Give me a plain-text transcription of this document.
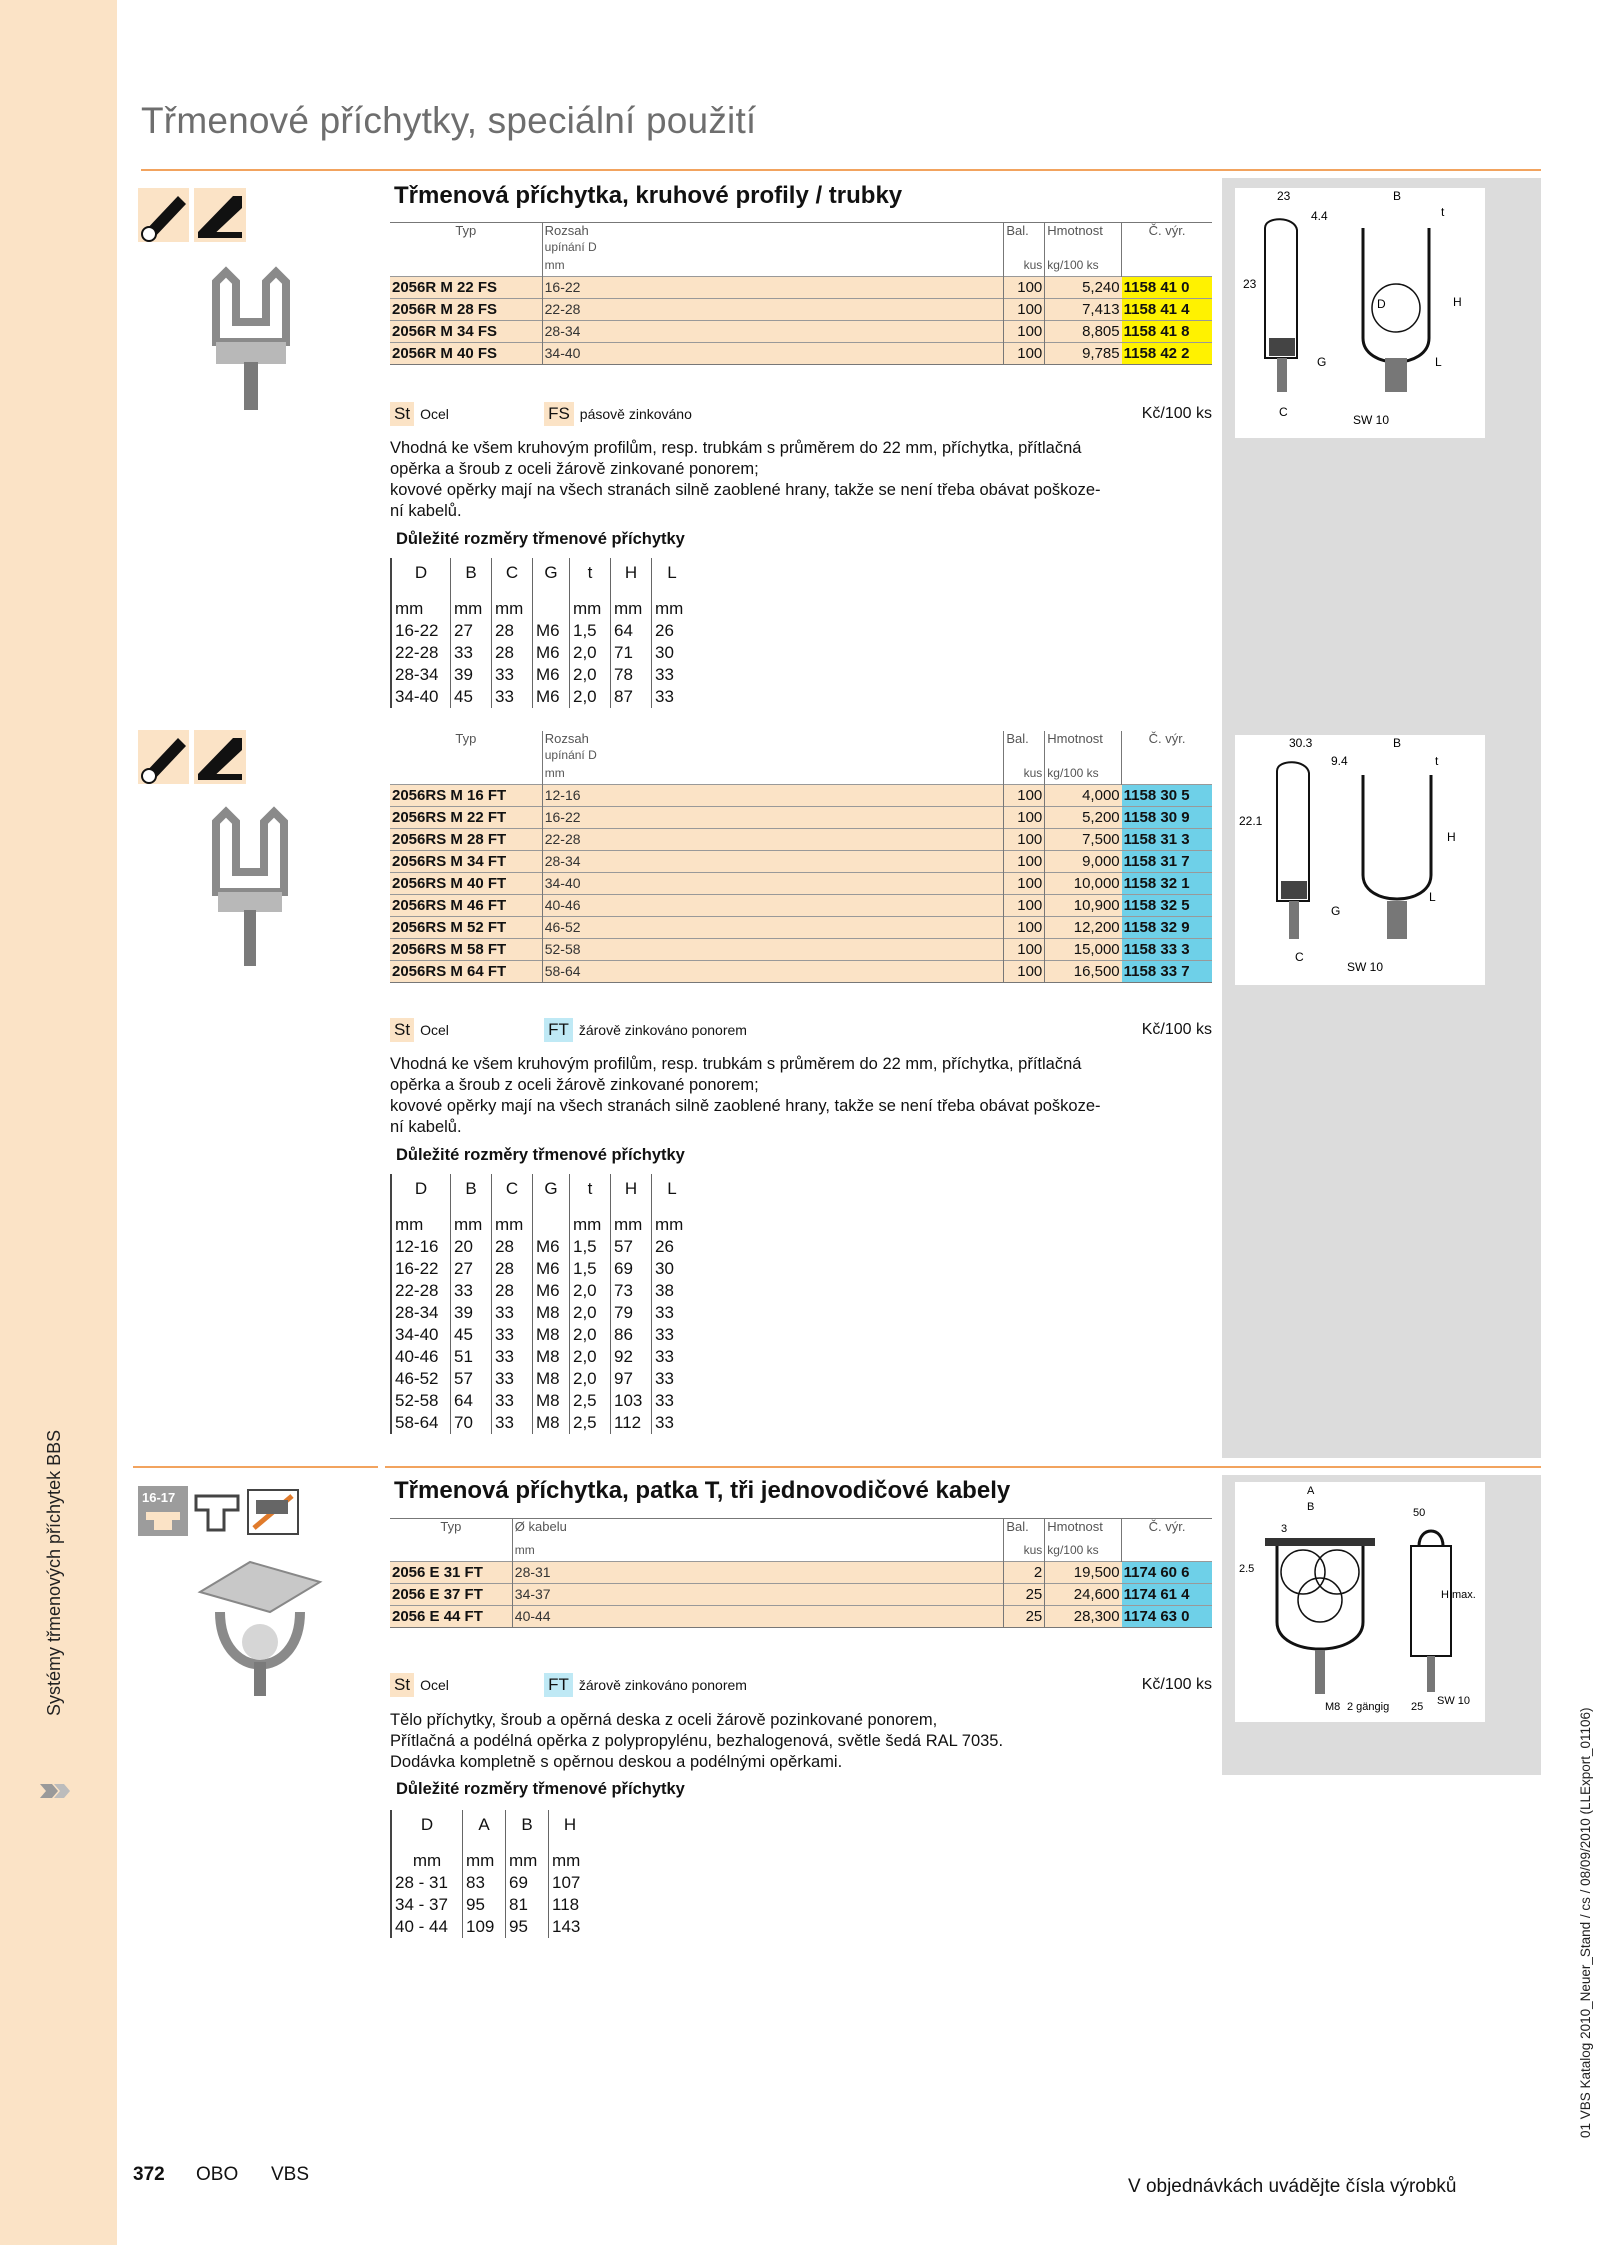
Systémy třmenových příchytek BBS
01 VBS Katalog 2010_Neuer_Stand / cs / 08/09/2010 (LLExport_01106)
Třmenové příchytky, speciální použití
Třmenová příchytka, kruhové profily / trubky
Typ	Rozsah
upínání D	Bal.	Hmotnost	Č. výr.
	mm	kus	kg/100 ks	
2056R M 22 FS	16-22	100	5,240	1158 41 0
2056R M 28 FS	22-28	100	7,413	1158 41 4
2056R M 34 FS	28-34	100	8,805	1158 41 8
2056R M 40 FS	34-40	100	9,785	1158 42 2
St Ocel	FS pásově zinkováno	Kč/100 ks
Vhodná ke všem kruhovým profilům, resp. trubkám s průměrem do 22 mm, příchytka, přítlačná
opěrka a šroub z oceli žárově zinkované ponorem;
kovové opěrky mají na všech stranách silně zaoblené hrany, takže se není třeba obávat poškoze-
ní kabelů.
Důležité rozměry třmenové příchytky
D	B	C	G	t	H	L
mm	mm	mm		mm	mm	mm
16-22	27	28	M6	1,5	64	26
22-28	33	28	M6	2,0	71	30
28-34	39	33	M6	2,0	78	33
34-40	45	33	M6	2,0	87	33
23
4.4
B
t
23
H
D
G	L
C
SW 10
Typ	Rozsah
upínání D	Bal.	Hmotnost	Č. výr.
	mm	kus	kg/100 ks	
2056RS M 16 FT	12-16	100	4,000	1158 30 5
2056RS M 22 FT	16-22	100	5,200	1158 30 9
2056RS M 28 FT	22-28	100	7,500	1158 31 3
2056RS M 34 FT	28-34	100	9,000	1158 31 7
2056RS M 40 FT	34-40	100	10,000	1158 32 1
2056RS M 46 FT	40-46	100	10,900	1158 32 5
2056RS M 52 FT	46-52	100	12,200	1158 32 9
2056RS M 58 FT	52-58	100	15,000	1158 33 3
2056RS M 64 FT	58-64	100	16,500	1158 33 7
St Ocel	FT žárově zinkováno ponorem	Kč/100 ks
Vhodná ke všem kruhovým profilům, resp. trubkám s průměrem do 22 mm, příchytka, přítlačná
opěrka a šroub z oceli žárově zinkované ponorem;
kovové opěrky mají na všech stranách silně zaoblené hrany, takže se není třeba obávat poškoze-
ní kabelů.
Důležité rozměry třmenové příchytky
D	B	C	G	t	H	L
mm	mm	mm		mm	mm	mm
12-16	20	28	M6	1,5	57	26
16-22	27	28	M6	1,5	69	30
22-28	33	28	M6	2,0	73	38
28-34	39	33	M8	2,0	79	33
34-40	45	33	M8	2,0	86	33
40-46	51	33	M8	2,0	92	33
46-52	57	33	M8	2,0	97	33
52-58	64	33	M8	2,5	103	33
58-64	70	33	M8	2,5	112	33
30.3
9.4
B
t
22.1
H
G
L
C
SW 10
16-17	Třmenová příchytka, patka T, tři jednovodičové kabely
Typ	Ø kabelu	Bal.	Hmotnost	Č. výr.
	mm	kus	kg/100 ks	
2056 E 31 FT	28-31	2	19,500	1174 60 6
2056 E 37 FT	34-37	25	24,600	1174 61 4
2056 E 44 FT	40-44	25	28,300	1174 63 0
St Ocel	FT žárově zinkováno ponorem	Kč/100 ks
Tělo příchytky, šroub a opěrná deska z oceli žárově pozinkované ponorem,
Přítlačná a podélná opěrka z polypropylénu, bezhalogenová, světle šedá RAL 7035.
Dodávka kompletně s opěrnou deskou a podélnými opěrkami.
Důležité rozměry třmenové příchytky
D	A	B	H
mm	mm	mm	mm
28 - 31	83	69	107
34 - 37	95	81	118
40 - 44	109	95	143
A
B
3
50
2.5
H max.
M8 2 gängig 25 SW 10
372 OBO VBS
V objednávkách uvádějte čísla výrobků
